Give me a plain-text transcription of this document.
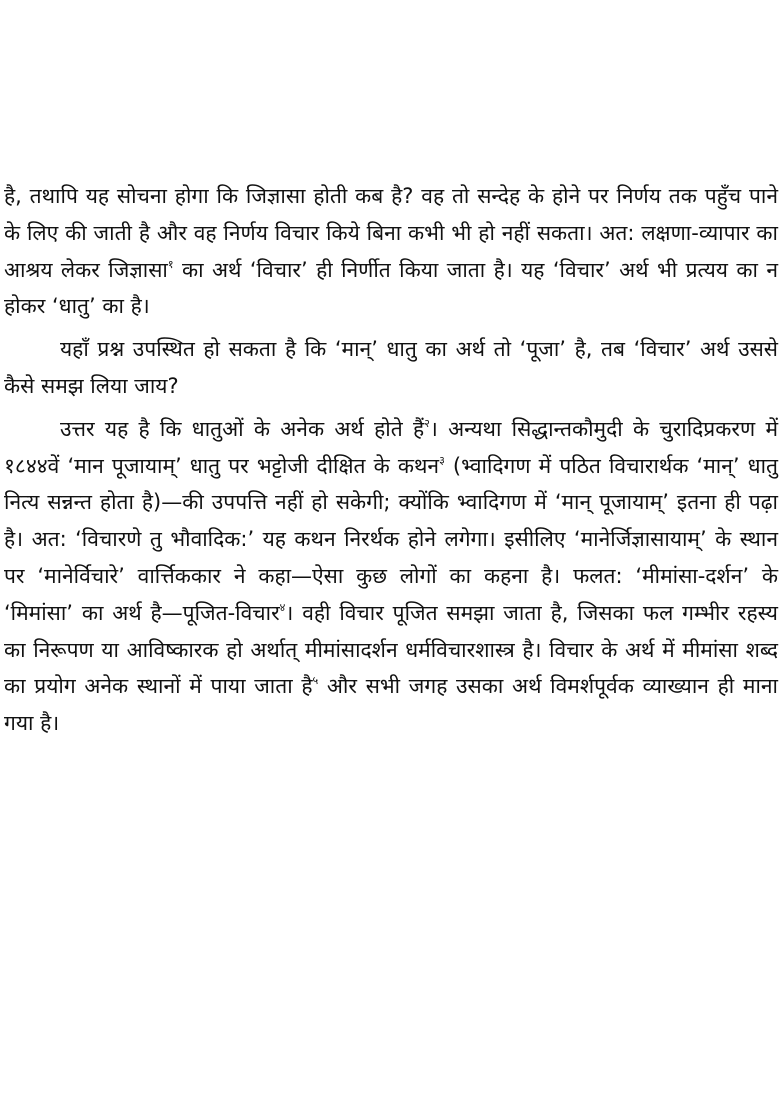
है, तथापि यह सोचना होगा कि जिज्ञासा होती कब है? वह तो सन्देह के होने पर निर्णय तक पहुँच पाने के लिए की जाती है और वह निर्णय विचार किये बिना कभी भी हो नहीं सकता। अत: लक्षणा-व्यापार का आश्रय लेकर जिज्ञासा$^१$ का अर्थ ‘विचार’ ही निर्णीत किया जाता है। यह ‘विचार’ अर्थ भी प्रत्यय का न होकर ‘धातु’ का है।

यहाँ प्रश्न उपस्थित हो सकता है कि ‘मान्’ धातु का अर्थ तो ‘पूजा’ है, तब ‘विचार’ अर्थ उससे कैसे समझ लिया जाय?

उत्तर यह है कि धातुओं के अनेक अर्थ होते हैं$^२$। अन्यथा सिद्धान्तकौमुदी के चुरादिप्रकरण में १८४४वें ‘मान पूजायाम्’ धातु पर भट्टोजी दीक्षित के कथन$^३$ (भ्वादिगण में पठित विचारार्थक ‘मान्’ धातु नित्य सन्नन्त होता है)—की उपपत्ति नहीं हो सकेगी; क्योंकि भ्वादिगण में ‘मान् पूजायाम्’ इतना ही पढ़ा है। अत: ‘विचारणे तु भौवादिक:’ यह कथन निरर्थक होने लगेगा। इसीलिए ‘मानेर्जिज्ञासायाम्’ के स्थान पर ‘मानेर्विचारे’ वार्त्तिककार ने कहा—ऐसा कुछ लोगों का कहना है। फलत: ‘मीमांसा-दर्शन’ के ‘मिमांसा’ का अर्थ है—पूजित-विचार$^४$। वही विचार पूजित समझा जाता है, जिसका फल गम्भीर रहस्य का निरूपण या आविष्कारक हो अर्थात् मीमांसादर्शन धर्मविचारशास्त्र है। विचार के अर्थ में मीमांसा शब्द का प्रयोग अनेक स्थानों में पाया जाता है$^५$ और सभी जगह उसका अर्थ विमर्शपूर्वक व्याख्यान ही माना गया है।
